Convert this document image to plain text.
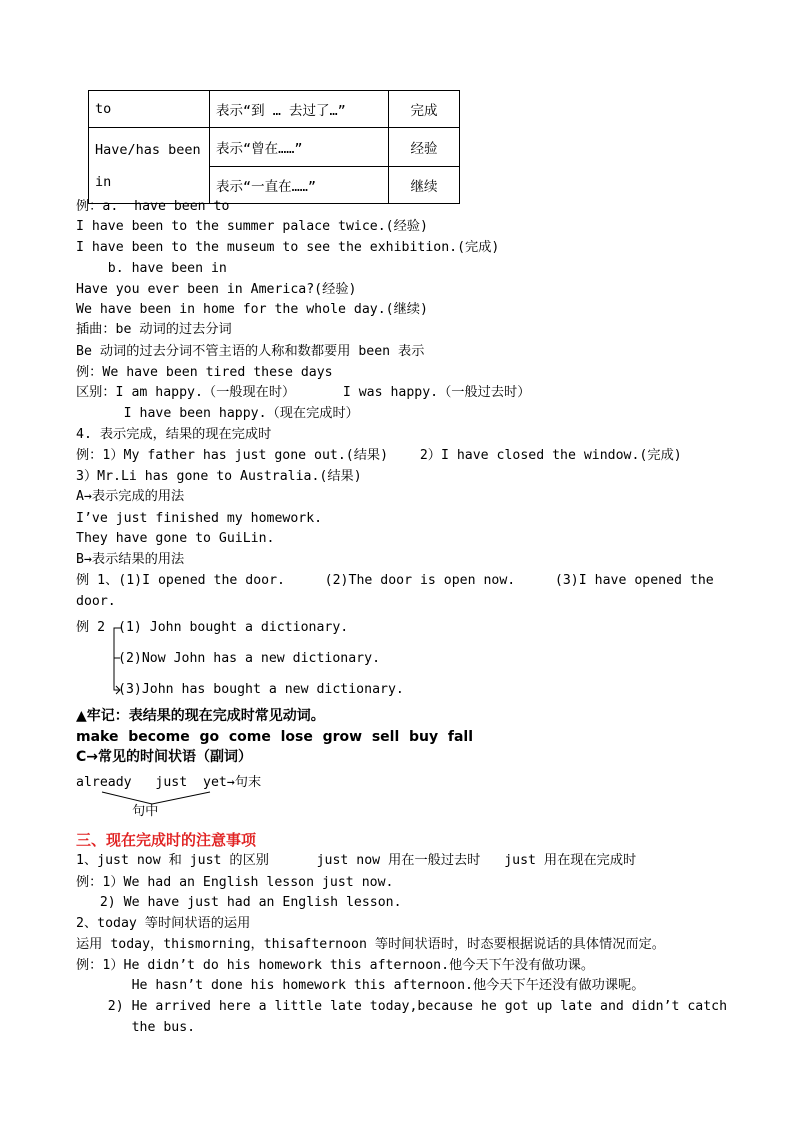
to	表示“到 … 去过了…”	完成
Have/has been
in	表示“曾在……”	经验
	表示“一直在……”	继续
例：a.  have been to
I have been to the summer palace twice.(经验)
I have been to the museum to see the exhibition.(完成)
b. have been in
Have you ever been in America?(经验)
We have been in home for the whole day.(继续)
插曲：be 动词的过去分词
Be 动词的过去分词不管主语的人称和数都要用 been 表示
例：We have been tired these days
区别：I am happy.（一般现在时）      I was happy.（一般过去时）
I have been happy.（现在完成时）
4. 表示完成，结果的现在完成时
例：1）My father has just gone out.(结果)    2）I have closed the window.(完成)
3）Mr.Li has gone to Australia.(结果)
A→表示完成的用法
I’ve just finished my homework.
They have gone to GuiLin.
B→表示结果的用法
例 1、(1)I opened the door.     (2)The door is open now.     (3)I have opened the
door.
例 2 (1) John bought a dictionary.
(2)Now John has a new dictionary.
(3)John has bought a new dictionary.
▲牢记：表结果的现在完成时常见动词。
make  become  go  come  lose  grow  sell  buy  fall
C→常见的时间状语（副词）
already   just  yet→句末
句中
三、现在完成时的注意事项
1、just now 和 just 的区别      just now 用在一般过去时   just 用在现在完成时
例：1）We had an English lesson just now.
2) We have just had an English lesson.
2、today 等时间状语的运用
运用 today，thismorning，thisafternoon 等时间状语时，时态要根据说话的具体情况而定。
例：1）He didn’t do his homework this afternoon.他今天下午没有做功课。
He hasn’t done his homework this afternoon.他今天下午还没有做功课呢。
2) He arrived here a little late today,because he got up late and didn’t catch
the bus.
